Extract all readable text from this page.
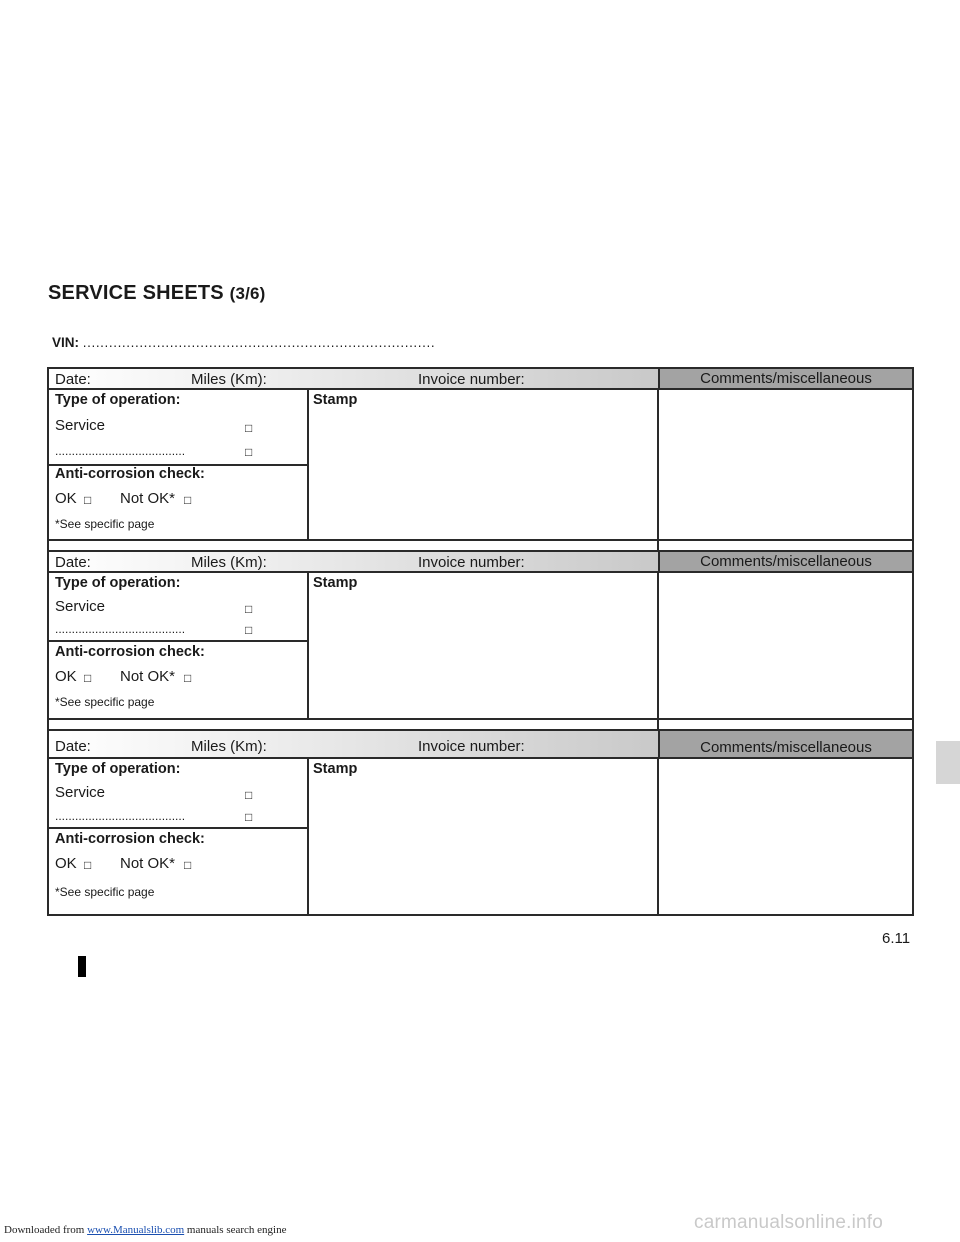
SERVICE SHEETS (3/6)
VIN: .................................................................................
Date:	Miles (Km):	Invoice number:	Comments/miscellaneous
Type of operation:
Service	□
.......................................	□
Anti-corrosion check:
OK □ Not OK* □
*See specific page
Stamp
Date:	Miles (Km):	Invoice number:	Comments/miscellaneous
Type of operation:
Service	□
.......................................	□
Anti-corrosion check:
OK □ Not OK* □
*See specific page
Stamp
Date:	Miles (Km):	Invoice number:	Comments/miscellaneous
Type of operation:
Service	□
.......................................	□
Anti-corrosion check:
OK □ Not OK* □
*See specific page
Stamp
6.11
Downloaded from www.Manualslib.com manuals search engine	carmanualsonline.info
